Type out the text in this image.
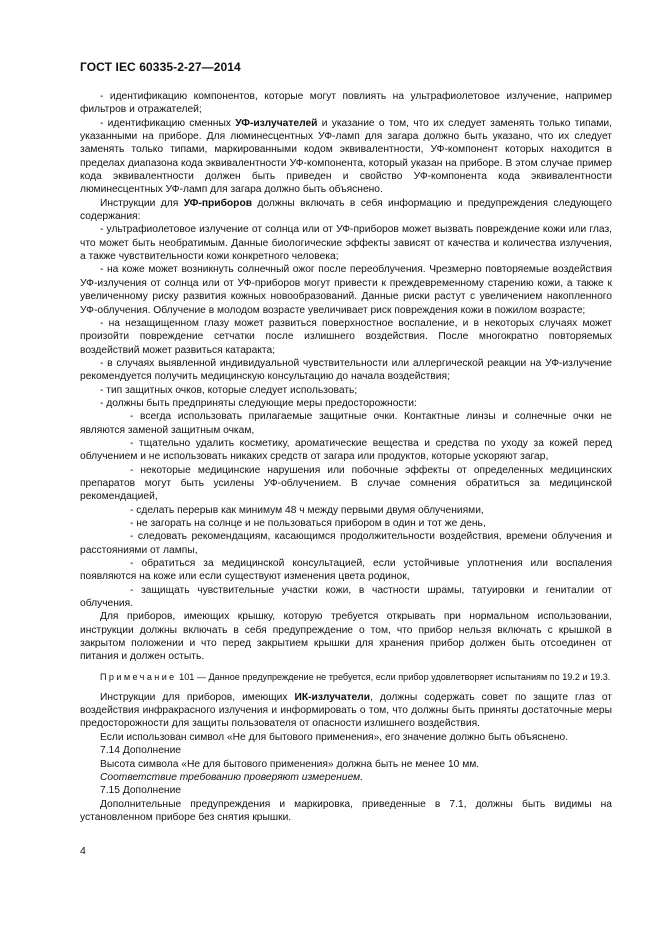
ГОСТ IEC 60335-2-27—2014

- идентификацию компонентов, которые могут повлиять на ультрафиолетовое излучение, например фильтров и отражателей;

- идентификацию сменных УФ-излучателей и указание о том, что их следует заменять только типами, указанными на приборе. Для люминесцентных УФ-ламп для загара должно быть указано, что их следует заменять только типами, маркированными кодом эквивалентности, УФ-компонент которых находится в пределах диапазона кода эквивалентности УФ-компонента, который указан на приборе. В этом случае пример кода эквивалентности должен быть приведен и свойство УФ-компонента кода эквивалентности люминесцентных УФ-ламп для загара должно быть объяснено.

Инструкции для УФ-приборов должны включать в себя информацию и предупреждения следующего содержания:

- ультрафиолетовое излучение от солнца или от УФ-приборов может вызвать повреждение кожи или глаз, что может быть необратимым. Данные биологические эффекты зависят от качества и количества излучения, а также чувствительности кожи конкретного человека;

- на коже может возникнуть солнечный ожог после переоблучения. Чрезмерно повторяемые воздействия УФ-излучения от солнца или от УФ-приборов могут привести к преждевременному старению кожи, а также к увеличенному риску развития кожных новообразований. Данные риски растут с увеличением накопленного УФ-облучения. Облучение в молодом возрасте увеличивает риск повреждения кожи в пожилом возрасте;

- на незащищенном глазу может развиться поверхностное воспаление, и в некоторых случаях может произойти повреждение сетчатки после излишнего воздействия. После многократно повторяемых воздействий может развиться катаракта;

- в случаях выявленной индивидуальной чувствительности или аллергической реакции на УФ-излучение рекомендуется получить медицинскую консультацию до начала воздействия;

- тип защитных очков, которые следует использовать;

- должны быть предприняты следующие меры предосторожности:

- всегда использовать прилагаемые защитные очки. Контактные линзы и солнечные очки не являются заменой защитным очкам,

- тщательно удалить косметику, ароматические вещества и средства по уходу за кожей перед облучением и не использовать никаких средств от загара или продуктов, которые ускоряют загар,

- некоторые медицинские нарушения или побочные эффекты от определенных медицинских препаратов могут быть усилены УФ-облучением. В случае сомнения обратиться за медицинской рекомендацией,

- сделать перерыв как минимум 48 ч между первыми двумя облучениями,

- не загорать на солнце и не пользоваться прибором в один и тот же день,

- следовать рекомендациям, касающимся продолжительности воздействия, времени облучения и расстояниями от лампы,

- обратиться за медицинской консультацией, если устойчивые уплотнения или воспаления появляются на коже или если существуют изменения цвета родинок,

- защищать чувствительные участки кожи, в частности шрамы, татуировки и гениталии от облучения.

Для приборов, имеющих крышку, которую требуется открывать при нормальном использовании, инструкции должны включать в себя предупреждение о том, что прибор нельзя включать с крышкой в закрытом положении и что перед закрытием крышки для хранения прибор должен быть отсоединен от питания и должен остыть.

Примечание 101 — Данное предупреждение не требуется, если прибор удовлетворяет испытаниям по 19.2 и 19.3.

Инструкции для приборов, имеющих ИК-излучатели, должны содержать совет по защите глаз от воздействия инфракрасного излучения и информировать о том, что должны быть приняты достаточные меры предосторожности для защиты пользователя от опасности излишнего воздействия.

Если использован символ «Не для бытового применения», его значение должно быть объяснено.

7.14 Дополнение

Высота символа «Не для бытового применения» должна быть не менее 10 мм.

Соответствие требованию проверяют измерением.

7.15 Дополнение

Дополнительные предупреждения и маркировка, приведенные в 7.1, должны быть видимы на установленном приборе без снятия крышки.

4
